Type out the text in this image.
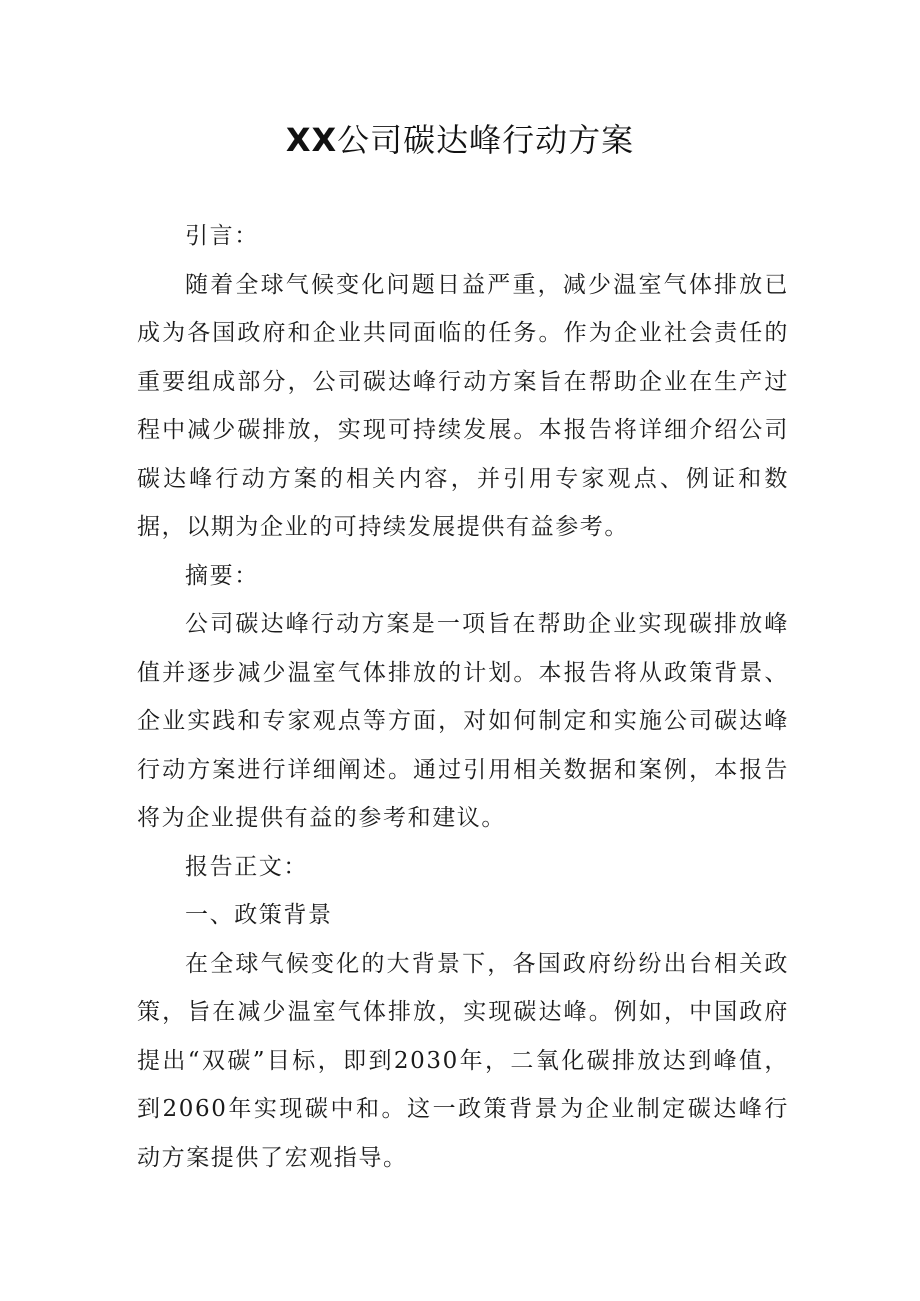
XX公司碳达峰行动方案

引言：

随着全球气候变化问题日益严重，减少温室气体排放已成为各国政府和企业共同面临的任务。作为企业社会责任的重要组成部分，公司碳达峰行动方案旨在帮助企业在生产过程中减少碳排放，实现可持续发展。本报告将详细介绍公司碳达峰行动方案的相关内容，并引用专家观点、例证和数据，以期为企业的可持续发展提供有益参考。

摘要：

公司碳达峰行动方案是一项旨在帮助企业实现碳排放峰值并逐步减少温室气体排放的计划。本报告将从政策背景、企业实践和专家观点等方面，对如何制定和实施公司碳达峰行动方案进行详细阐述。通过引用相关数据和案例，本报告将为企业提供有益的参考和建议。

报告正文：

一、政策背景

在全球气候变化的大背景下，各国政府纷纷出台相关政策，旨在减少温室气体排放，实现碳达峰。例如，中国政府提出“双碳”目标，即到2030年，二氧化碳排放达到峰值，到2060年实现碳中和。这一政策背景为企业制定碳达峰行动方案提供了宏观指导。
